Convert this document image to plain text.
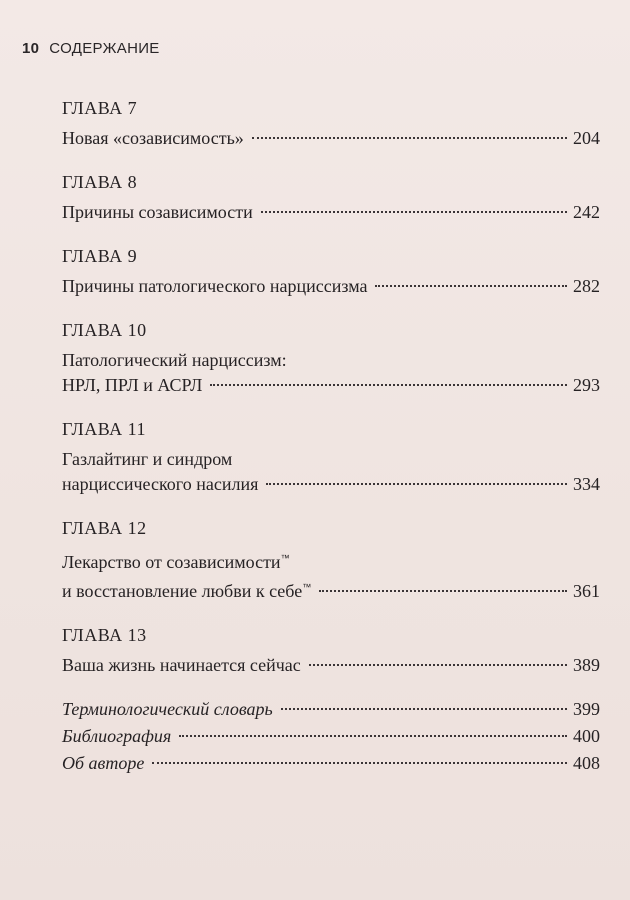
10 СОДЕРЖАНИЕ
ГЛАВА 7
Новая «созависимость»	204
ГЛАВА 8
Причины созависимости	242
ГЛАВА 9
Причины патологического нарциссизма	282
ГЛАВА 10
Патологический нарциссизм:
НРЛ, ПРЛ и АСРЛ	293
ГЛАВА 11
Газлайтинг и синдром
нарциссического насилия	334
ГЛАВА 12
Лекарство от созависимости™
и восстановление любви к себе™	361
ГЛАВА 13
Ваша жизнь начинается сейчас	389
Терминологический словарь	399
Библиография	400
Об авторе	408
